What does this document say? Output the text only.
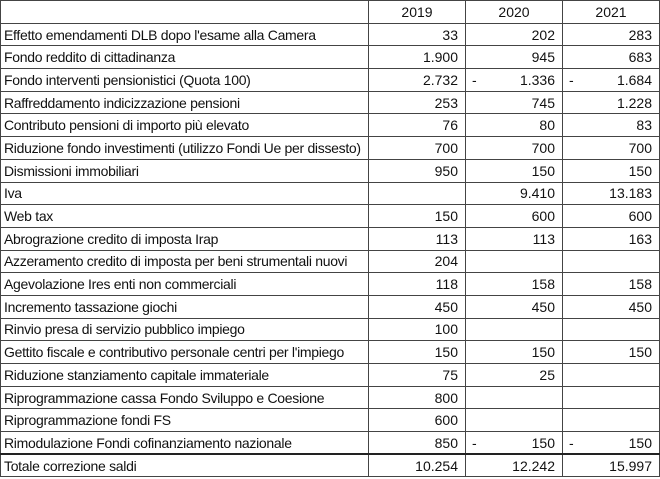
	2019	2020	2021
Effetto emendamenti DLB dopo l'esame alla Camera	33	202	283
Fondo reddito di cittadinanza	1.900	945	683
Fondo interventi pensionistici (Quota 100)	2.732	- 1.336	- 1.684
Raffreddamento indicizzazione pensioni	253	745	1.228
Contributo pensioni di importo più elevato	76	80	83
Riduzione fondo investimenti (utilizzo Fondi Ue per dissesto)	700	700	700
Dismissioni immobiliari	950	150	150
Iva		9.410	13.183
Web tax	150	600	600
Abrograzione credito di imposta Irap	113	113	163
Azzeramento credito di imposta per beni strumentali nuovi	204		
Agevolazione Ires enti non commerciali	118	158	158
Incremento tassazione giochi	450	450	450
Rinvio presa di servizio pubblico impiego	100		
Gettito fiscale e contributivo personale centri per l'impiego	150	150	150
Riduzione stanziamento capitale immateriale	75	25	
Riprogrammazione cassa Fondo Sviluppo e Coesione	800		
Riprogrammazione fondi FS	600		
Rimodulazione Fondi cofinanziamento nazionale	850	- 150	- 150
Totale correzione saldi	10.254	12.242	15.997
